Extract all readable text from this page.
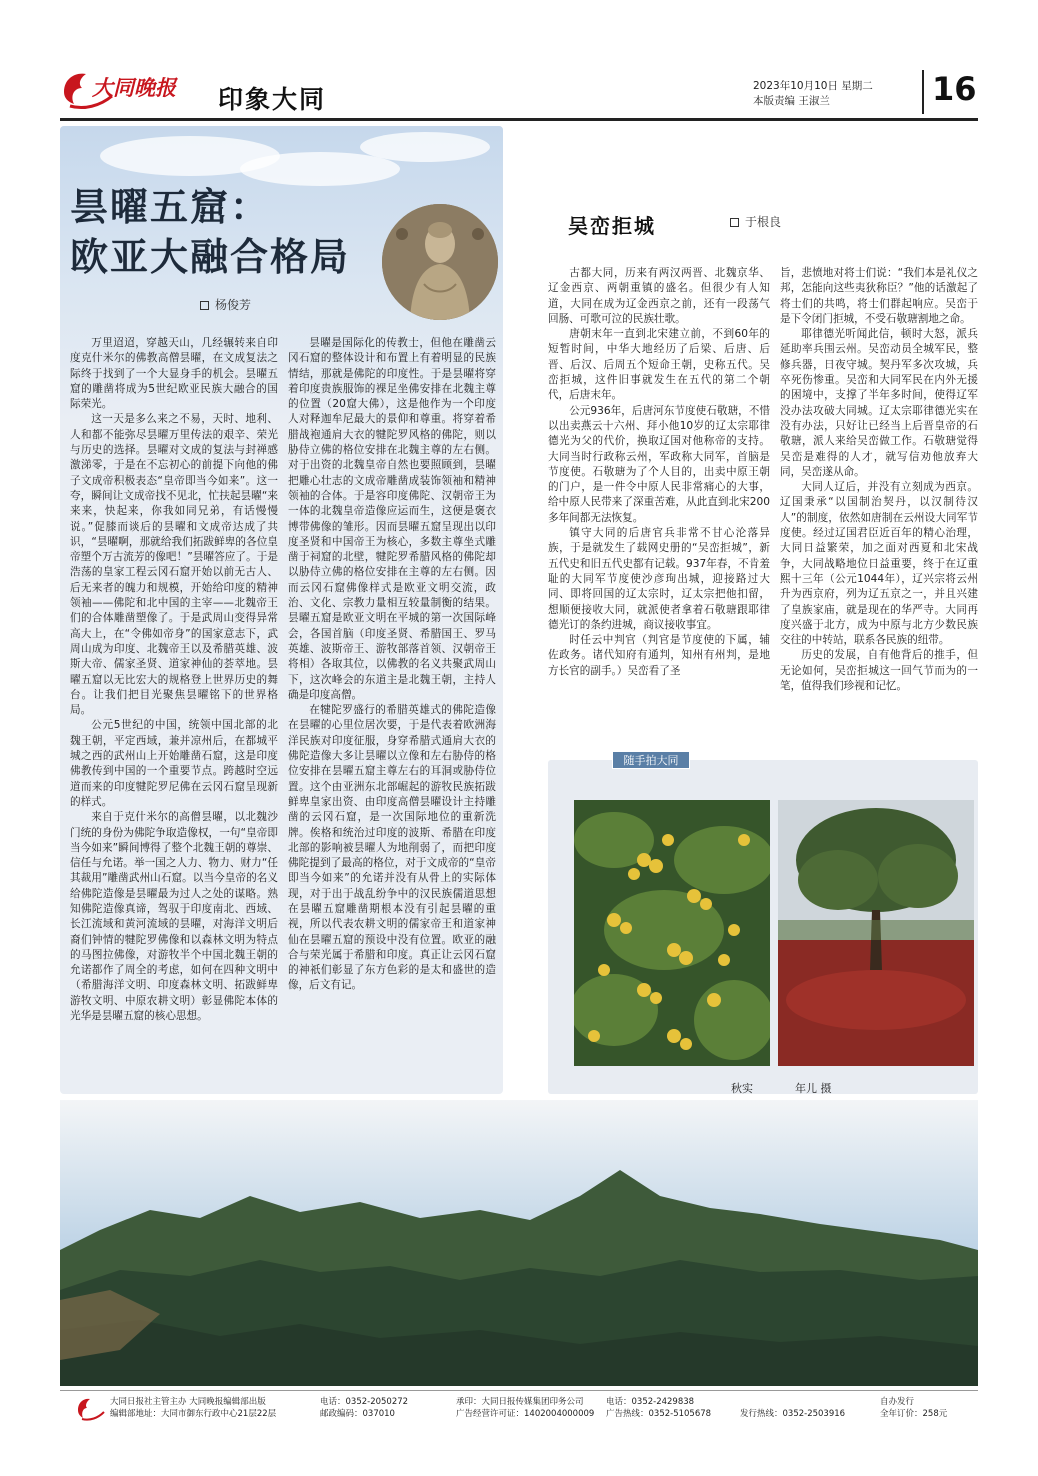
大同晚报 印象大同	2023年10月10日 星期二
本版责编 王淑兰	16
昙曜五窟：
欧亚大融合格局
杨俊芳

万里迢迢，穿越天山，几经辗转来自印度克什米尔的佛教高僧昙曜，在文成复法之际终于找到了一个大显身手的机会。昙曜五窟的雕凿将成为5世纪欧亚民族大融合的国际荣光。

这一天是多么来之不易，天时、地利、人和都不能弥尽昙曜万里传法的艰辛、荣光与历史的选择。昙曜对文成的复法与封禅感激涕零，于是在不忘初心的前提下向他的佛子文成帝积极表态“皇帝即当今如来”。这一夸，瞬间让文成帝找不见北，忙扶起昙曜“来来来，快起来，你我如同兄弟，有话慢慢说。”促膝而谈后的昙曜和文成帝达成了共识，“昙曜啊，那就给我们拓跋鲜卑的各位皇帝塑个万古流芳的像吧！”昙曜答应了。于是浩荡的皇家工程云冈石窟开始以前无古人、后无来者的魄力和规模，开始给印度的精神领袖——佛陀和北中国的主宰——北魏帝王们的合体雕凿塑像了。于是武周山变得异常高大上，在“令佛如帝身”的国家意志下，武周山成为印度、北魏帝王以及希腊英雄、波斯大帝、儒家圣贤、道家神仙的荟萃地。昙曜五窟以无比宏大的规格登上世界历史的舞台。让我们把目光聚焦昙曜铭下的世界格局。

公元5世纪的中国，统领中国北部的北魏王朝，平定西域，兼并凉州后，在都城平城之西的武州山上开始雕凿石窟，这是印度佛教传到中国的一个重要节点。跨越时空远道而来的印度犍陀罗尼佛在云冈石窟呈现新的样式。

来自于克什米尔的高僧昙曜，以北魏沙门统的身份为佛陀争取造像权，一句“皇帝即当今如来”瞬间博得了整个北魏王朝的尊崇、信任与允诺。举一国之人力、物力、财力“任其裁用”雕凿武州山石窟。以当今皇帝的名义给佛陀造像是昙曜最为过人之处的谋略。熟知佛陀造像真谛，驾驭于印度南北、西域、长江流域和黄河流域的昙曜，对海洋文明后裔们钟情的犍陀罗佛像和以森林文明为特点的马图拉佛像，对游牧半个中国北魏王朝的允诺都作了周全的考虑，如何在四种文明中（希腊海洋文明、印度森林文明、拓跋鲜卑游牧文明、中原农耕文明）彰显佛陀本体的光华是昙曜五窟的核心思想。

昙曜是国际化的传教士，但他在雕凿云冈石窟的整体设计和布置上有着明显的民族情结，那就是佛陀的印度性。于是昙曜将穿着印度贵族服饰的裸足坐佛安排在北魏主尊的位置（20窟大佛），这是他作为一个印度人对释迦牟尼最大的景仰和尊重。将穿着希腊战袍通肩大衣的犍陀罗风格的佛陀，则以胁侍立佛的格位安排在北魏主尊的左右侧。对于出资的北魏皇帝自然也要照顾到，昙曜把雕心壮志的文成帝雕凿成装饰领袖和精神领袖的合体。于是容印度佛陀、汉朝帝王为一体的北魏皇帝造像应运而生，这便是褒衣博带佛像的雏形。因而昙曜五窟呈现出以印度圣贤和中国帝王为核心，多数主尊坐式雕凿于祠窟的北壁，犍陀罗希腊风格的佛陀却以胁侍立佛的格位安排在主尊的左右侧。因而云冈石窟佛像样式是欧亚文明交流，政治、文化、宗教力量相互较量制衡的结果。昙曜五窟是欧亚文明在平城的第一次国际峰会，各国首脑（印度圣贤、希腊国王、罗马英雄、波斯帝王、游牧部落首领、汉朝帝王将相）各取其位，以佛教的名义共聚武周山下，这次峰会的东道主是北魏王朝，主持人确是印度高僧。

在犍陀罗盛行的希腊英雄式的佛陀造像在昙曜的心里位居次要，于是代表着欧洲海洋民族对印度征服，身穿希腊式通肩大衣的佛陀造像大多让昙曜以立像和左右胁侍的格位安排在昙曜五窟主尊左右的耳洞或胁侍位置。这个由亚洲东北部崛起的游牧民族拓跋鲜卑皇家出资、由印度高僧昙曜设计主持雕凿的云冈石窟，是一次国际地位的重新洗牌。俟格和统治过印度的波斯、希腊在印度北部的影响被昙曜人为地削弱了，而把印度佛陀提到了最高的格位，对于文成帝的“皇帝即当今如来”的允诺并没有从骨上的实际体现，对于出于战乱纷争中的汉民族儒道思想在昙曜五窟雕凿期根本没有引起昙曜的重视，所以代表农耕文明的儒家帝王和道家神仙在昙曜五窟的预设中没有位置。欧亚的融合与荣光属于希腊和印度。真正让云冈石窟的神祇们彰显了东方色彩的是太和盛世的造像，后文有记。

吴峦拒城	于根良

古都大同，历来有两汉两晋、北魏京华、辽金西京、两朝重镇的盛名。但很少有人知道，大同在成为辽金西京之前，还有一段荡气回肠、可歌可泣的民族壮歌。

唐朝末年一直到北宋建立前，不到60年的短暂时间，中华大地经历了后梁、后唐、后晋、后汉、后周五个短命王朝，史称五代。吴峦拒城，这件旧事就发生在五代的第二个朝代，后唐末年。

公元936年，后唐河东节度使石敬瑭，不惜以出卖燕云十六州、拜小他10岁的辽太宗耶律德光为父的代价，换取辽国对他称帝的支持。大同当时行政称云州，军政称大同军，首脑是节度使。石敬瑭为了个人目的，出卖中原王朝的门户，是一件令中原人民非常痛心的大事，给中原人民带来了深重苦难，从此直到北宋200多年间都无法恢复。

镇守大同的后唐官兵非常不甘心沦落异族，于是就发生了载网史册的“吴峦拒城”，新五代史和旧五代史都有记载。937年春，不肯羞耻的大同军节度使沙彦珣出城，迎接路过大同、即将回国的辽太宗时，辽太宗把他扣留，想顺便接收大同，就派使者拿着石敬瑭跟耶律德光订的条约进城，商议接收事宜。

时任云中判官（判官是节度使的下属，辅佐政务。诸代知府有通判，知州有州判，是地方长官的副手。）吴峦看了圣

旨，悲愤地对将士们说：“我们本是礼仪之邦，怎能向这些夷狄称臣？”他的话激起了将士们的共鸣，将士们群起响应。吴峦于是下令闭门拒城，不受石敬瑭割地之命。

耶律德光听闻此信，顿时大怒，派兵延助率兵围云州。吴峦动员全城军民，整修兵器，日夜守城。契丹军多次攻城，兵卒死伤惨重。吴峦和大同军民在内外无援的困境中，支撑了半年多时间，使得辽军没办法攻破大同城。辽太宗耶律德光实在没有办法，只好让已经当上后晋皇帝的石敬瑭，派人来给吴峦做工作。石敬瑭觉得吴峦是难得的人才，就写信劝他放弃大同，吴峦遂从命。

大同人辽后，并没有立刻成为西京。辽国秉承“以国制治契丹，以汉制待汉人”的制度，依然如唐制在云州设大同军节度使。经过辽国君臣近百年的精心治理，大同日益繁荣，加之面对西夏和北宋战争，大同战略地位日益重要，终于在辽重熙十三年（公元1044年），辽兴宗将云州升为西京府，列为辽五京之一，并且兴建了皇族家庙，就是现在的华严寺。大同再度兴盛于北方，成为中原与北方少数民族交往的中转站，联系各民族的纽带。

历史的发展，自有他背后的推手，但无论如何，吴峦拒城这一回气节而为的一笔，值得我们珍视和记忆。

随手拍大同
秋实	年儿 摄
大同日报社主管主办 大同晚报编辑部出版	电话：0352-2050272
编辑部地址：大同市御东行政中心21层22层	邮政编码：037010
承印：大同日报传媒集团印务公司	电话：0352-2429838
广告经营许可证：1402004000009 广告热线：0352-5105678	发行热线：0352-2503916
自办发行
全年订价：258元
